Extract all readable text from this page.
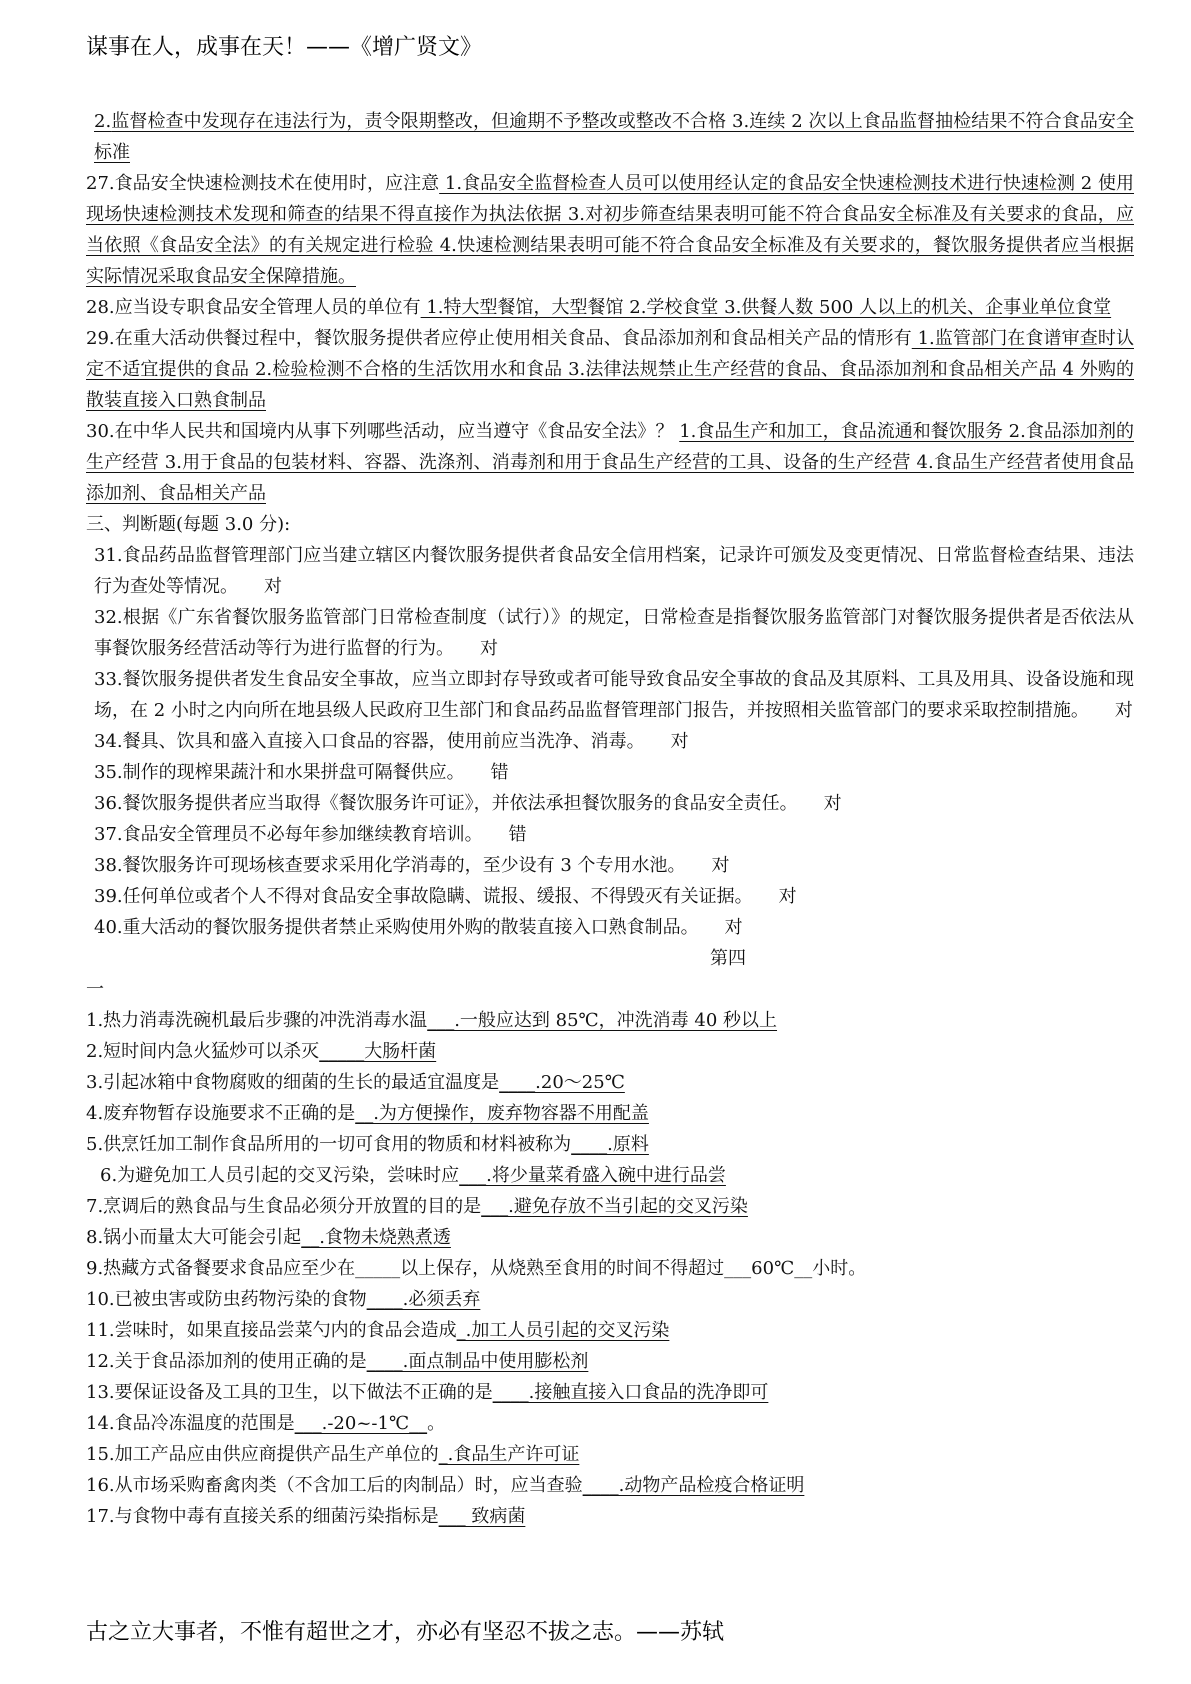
谋事在人，成事在天！——《增广贤文》

2.监督检查中发现存在违法行为，责令限期整改，但逾期不予整改或整改不合格 3.连续 2 次以上食品监督抽检结果不符合食品安全标准

27.食品安全快速检测技术在使用时，应注意 1.食品安全监督检查人员可以使用经认定的食品安全快速检测技术进行快速检测 2 使用现场快速检测技术发现和筛查的结果不得直接作为执法依据 3.对初步筛查结果表明可能不符合食品安全标准及有关要求的食品，应当依照《食品安全法》的有关规定进行检验 4.快速检测结果表明可能不符合食品安全标准及有关要求的，餐饮服务提供者应当根据实际情况采取食品安全保障措施。

28.应当设专职食品安全管理人员的单位有 1.特大型餐馆，大型餐馆 2.学校食堂 3.供餐人数 500 人以上的机关、企事业单位食堂

29.在重大活动供餐过程中，餐饮服务提供者应停止使用相关食品、食品添加剂和食品相关产品的情形有 1.监管部门在食谱审查时认定不适宜提供的食品 2.检验检测不合格的生活饮用水和食品 3.法律法规禁止生产经营的食品、食品添加剂和食品相关产品 4 外购的散装直接入口熟食制品

30.在中华人民共和国境内从事下列哪些活动，应当遵守《食品安全法》？ 1.食品生产和加工，食品流通和餐饮服务 2.食品添加剂的生产经营 3.用于食品的包装材料、容器、洗涤剂、消毒剂和用于食品生产经营的工具、设备的生产经营 4.食品生产经营者使用食品添加剂、食品相关产品

三、判断题(每题 3.0 分):

31.食品药品监督管理部门应当建立辖区内餐饮服务提供者食品安全信用档案，记录许可颁发及变更情况、日常监督检查结果、违法行为查处等情况。 对

32.根据《广东省餐饮服务监管部门日常检查制度（试行）》的规定，日常检查是指餐饮服务监管部门对餐饮服务提供者是否依法从事餐饮服务经营活动等行为进行监督的行为。 对

33.餐饮服务提供者发生食品安全事故，应当立即封存导致或者可能导致食品安全事故的食品及其原料、工具及用具、设备设施和现场，在 2 小时之内向所在地县级人民政府卫生部门和食品药品监督管理部门报告，并按照相关监管部门的要求采取控制措施。 对

34.餐具、饮具和盛入直接入口食品的容器，使用前应当洗净、消毒。 对

35.制作的现榨果蔬汁和水果拼盘可隔餐供应。 错

36.餐饮服务提供者应当取得《餐饮服务许可证》，并依法承担餐饮服务的食品安全责任。 对

37.食品安全管理员不必每年参加继续教育培训。 错

38.餐饮服务许可现场核查要求采用化学消毒的，至少设有 3 个专用水池。 对

39.任何单位或者个人不得对食品安全事故隐瞒、谎报、缓报、不得毁灭有关证据。 对

40.重大活动的餐饮服务提供者禁止采购使用外购的散装直接入口熟食制品。 对

第四

一

1.热力消毒洗碗机最后步骤的冲洗消毒水温___.一般应达到 85℃，冲洗消毒 40 秒以上

2.短时间内急火猛炒可以杀灭_____大肠杆菌

3.引起冰箱中食物腐败的细菌的生长的最适宜温度是____.20～25℃

4.废弃物暂存设施要求不正确的是__.为方便操作，废弃物容器不用配盖

5.供烹饪加工制作食品所用的一切可食用的物质和材料被称为____.原料

6.为避免加工人员引起的交叉污染，尝味时应___.将少量菜肴盛入碗中进行品尝

7.烹调后的熟食品与生食品必须分开放置的目的是___.避免存放不当引起的交叉污染

8.锅小而量太大可能会引起__.食物未烧熟煮透

9.热藏方式备餐要求食品应至少在_____以上保存，从烧熟至食用的时间不得超过___60℃__小时。

10.已被虫害或防虫药物污染的食物____.必须丢弃

11.尝味时，如果直接品尝菜勺内的食品会造成_.加工人员引起的交叉污染

12.关于食品添加剂的使用正确的是____.面点制品中使用膨松剂

13.要保证设备及工具的卫生，以下做法不正确的是____.接触直接入口食品的洗净即可

14.食品冷冻温度的范围是___.-20~-1℃__。

15.加工产品应由供应商提供产品生产单位的_.食品生产许可证

16.从市场采购畜禽肉类（不含加工后的肉制品）时，应当查验____.动物产品检疫合格证明

17.与食物中毒有直接关系的细菌污染指标是___ 致病菌

古之立大事者，不惟有超世之才，亦必有坚忍不拔之志。——苏轼
